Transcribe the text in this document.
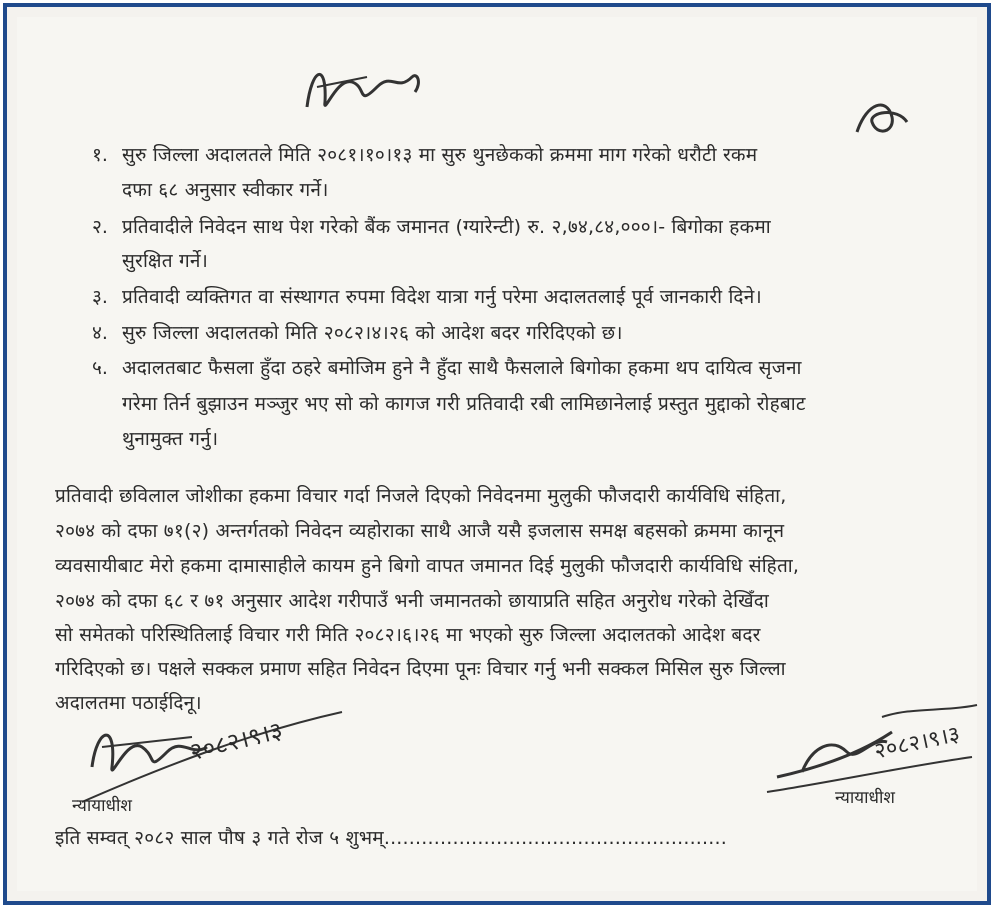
१. सुरु जिल्ला अदालतले मिति २०८१।१०।१३ मा सुरु थुनछेकको क्रममा माग गरेको धरौटी रकम
दफा ६८ अनुसार स्वीकार गर्ने।
२. प्रतिवादीले निवेदन साथ पेश गरेको बैंक जमानत (ग्यारेन्टी) रु. २,७४,८४,०००।- बिगोका हकमा
सुरक्षित गर्ने।
३. प्रतिवादी व्यक्तिगत वा संस्थागत रुपमा विदेश यात्रा गर्नु परेमा अदालतलाई पूर्व जानकारी दिने।
४. सुरु जिल्ला अदालतको मिति २०८२।४।२६ को आदेश बदर गरिदिएको छ।
५. अदालतबाट फैसला हुँदा ठहरे बमोजिम हुने नै हुँदा साथै फैसलाले बिगोका हकमा थप दायित्व सृजना
गरेमा तिर्न बुझाउन मञ्जुर भए सो को कागज गरी प्रतिवादी रबी लामिछानेलाई प्रस्तुत मुद्दाको रोहबाट
थुनामुक्त गर्नु।
प्रतिवादी छविलाल जोशीका हकमा विचार गर्दा निजले दिएको निवेदनमा मुलुकी फौजदारी कार्यविधि संहिता,
२०७४ को दफा ७१(२) अन्तर्गतको निवेदन व्यहोराका साथै आजै यसै इजलास समक्ष बहसको क्रममा कानून
व्यवसायीबाट मेरो हकमा दामासाहीले कायम हुने बिगो वापत जमानत दिई मुलुकी फौजदारी कार्यविधि संहिता,
२०७४ को दफा ६८ र ७१ अनुसार आदेश गरीपाउँ भनी जमानतको छायाप्रति सहित अनुरोध गरेको देखिँदा
सो समेतको परिस्थितिलाई विचार गरी मिति २०८२।६।२६ मा भएको सुरु जिल्ला अदालतको आदेश बदर
गरिदिएको छ। पक्षले सक्कल प्रमाण सहित निवेदन दिएमा पूनः विचार गर्नु भनी सक्कल मिसिल सुरु जिल्ला
अदालतमा पठाईदिनू।
२०८२।९।३
न्यायाधीश
२०८२।९।३
न्यायाधीश
इति सम्वत् २०८२ साल पौष ३ गते रोज ५ शुभम्.......................................................
